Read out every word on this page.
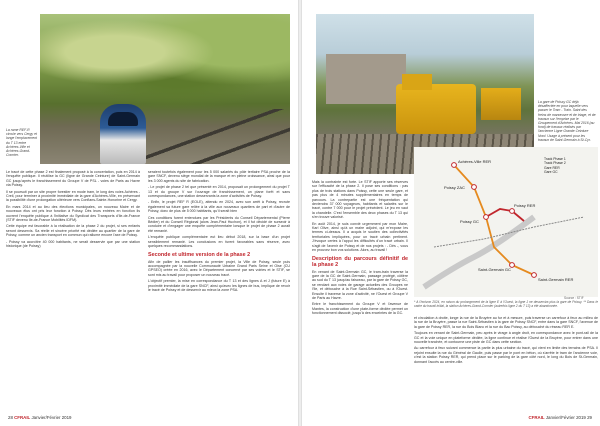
La rame REF-R circule vers Cergy et longe l'emplacement du T 13 entre Achères-Ville et Achères-Grand-Cormier.

Le tracé de cette phase 2 est finalement proposé à la concertation, puis en 2014 à l'enquête publique. Il réutilise la GC (ligne de Grande Ceinture) de Saint-Germain GC jusqu'après le franchissement du Groupe V de PSL - voies de Paris au Havre via Poissy.

Il se poursuit par un site propre forestier en mode tram, le long des voies Achères - Creil, pour terminer à proximité immédiate de la gare d'Achères-Ville, en préservant la possibilité d'une prolongation ultérieure vers Conflans-Sainte-Honorine et Cergy.

En mars 2014 et au lieu des élections municipales, un nouveau Maire et de nouveaux élus ont pris leur fonction à Poissy. Dès leurs entrées en fonction ils ouvrent l'enquête publique à l'initiative du Syndicat des Transports d'Ile-de-France (STIF devenu Ile-de-France Mobilités IDFM).

Cette équipe est favorable à la réalisation de la phase 2 du projet, si ses enfants seront desservis. Sa réelle et sincère priorité est dédiée au quartier de la gare de Poissy, comme un ancien transport en commun qui rallume encore l'axe de Poissy.

- Poissy va accroître 40 000 habitants, ne serait desservie que par une station historique (de Poissy)

seraient toutefois également pour les 5 000 salariés du pôle tertiaire PSA proche de la gare SNCF, devenu siège mondial de la marque et en pleine croissance, ainsi que pour les 3 000 agents du site de fabrication.

- Le projet de phase 2 tel que présenté en 2014, proposait un prolongement du projet T 13 et du groupe V sur l'ouvrage de franchissement, un plane forêt et sans correspondances, une station desservants la zone d'activités de Poissy.

- Enfin, le projet REF R (EOLE), attendu en 2024, avec son arrêt à Poissy, recrute également sa future gare reliée à la ville aux nouveaux quartiers de part et d'autre de Poissy, donc de plus de 5 000 habitants, qu'il serait bien

Ces conditions furent entendues par les Présidents du Conseil Départemental (Pierre Bédier) et du Conseil Régional (alors Jean-Paul Huchon), et il fut décidé de surseoir à conduire et d'engager une enquête complémentaire lorsque le projet de phase 2 aurait été remanié.

L'enquête publique complémentaire eut lieu début 2018, sur la base d'un projet sensiblement remanié. Les conclusions en furent favorables sans réserve, avec quelques recommandations.

Seconde et ultime version de la phase 2

Afin de pallier les insuffisances du premier projet, la Ville de Poissy, seule puis accompagnée par la nouvelle Communauté Urbaine Grand Paris Seine et Oise (CU GPSEO) créée en 2016, avec le Département concerné par ses voiries et le STIF, se sont mis au travail pour proposer un nouveau tracé.

L'objectif premier, la mise en correspondance du T 13 et des lignes A et J (future E) à proximité immédiate de la gare SNCF, ainsi qu'avec les lignes de bus, implique de revoir le tracé de Poissy et de desservir au mieux la zone PSA.

28 CFRAIL Janvier/Février 2019
La gare de Poissy GC déjà désaffectée en pour laquelle vers passer le Tram - Train. Saint des freins de manœuvre et de triage, et de travaux sur l'emprise par le Groupement d'Achères. Mai 2016 (au fond) de travaux réalisés par l'ancienne Ligne Grande Ceinture Nord. Usage à présent pour les travaux de Saint-Germain à St-Cyr.

Mais la contrainte est forte. Le STIF apporte ses réserves sur l'efficacité de la phase 2. Il pose ses conditions : pas plus de trois stations dans Poissy, cette une seule gare, et pas plus de 4 minutes supplémentaires en temps de parcours. La contrepartie est une fréquentation qui deviendra 37 000 voyageurs, habitants et salariés sur le tracé, contre 7 000 pour le projet précédent. Le jeu en vaut la chandelle. C'est l'ensemble des deux phases du T 13 qui s'en trouve valorisé.

En août 2014, je suis convié urgemment par mon Maire, Karl Olive, ainsi qu'à un maire adjoint, qui m'expose les termes ci-dessus. Il a acquis le soutien des collectivités territoriales impliquées, pour un tracé urbain pertinent. J'évoque certes à l'appui les difficultés d'un tracé urbain. Il s'agit de l'avenir de Poissy et de nos projets : - Dès -, vous en prouvez bon vos solutions. Alors, au travail !

Description du parcours définitif de la phase 2

En venant de Saint-Germain GC, le tram-train traverse la gare de la GC de Saint-Germain, passage protégé, côtière au sud du T 13 jusqu'au faisceau, par la gare de Poissy GC, se rendant aux voies de garage actuelles des Groupes ne l'île, et débouche à la Rue Saint-Sébastien, ou à l'Ouest. Ensuite il traverse la zone d'activité, ne l'Ouest et Groupe V de Paris au Havre.

Entre le franchissement du Groupe V et l'avenue de Mantes, la construction d'une plate-forme dédiée permet un fonctionnement dissocié, jusqu'à des enceintes de la GC.

Achères-Ville RER
Poissy ZAC
Poissy RER
Poissy GC
Saint-Germain GC
Saint-Germain RER
Track Phase 1
Track Phase 2
Gare RER
Gare GC
* A l'horizon 2024, en raison du prolongement de la ligne E à l'Ouest, la ligne J ne desservira plus la gare de Poissy. ** Dans le cadre du travail initial, la station Achères-Grand-Cormier (autrefois ligne 2 du T 13) a été abandonnée.
Source : STIF

et circulation à droite, longe la rue de la Bruyère au fur et à mesure, puis traverse un carrefour à feux au milieu de la rue de la Bruyère, passe la rue Saint-Sébastien à la gare de Poissy SNCF, entre dans la gare SNCF, l'avenue de la gare de Poissy RER, la rue du Bois Blanc et la rue du Bac Poissy, au débouché du réseau RER E.

Toujours en venant de Saint-Germain, peu après le virage à angle droit, en correspondance avec le pont-rail de la GC et la voie unique en plateforme dédiée, la ligne continue et réalise l'Ouest de la Bruyère, pour entrer dans une nouvelle tranchée, et contourne une piste de GC dans cette section.

Au carrefour à feux suivant commence la partie la plus urbaine du tracé, qui vient en limite des terrains de PSA. Il rejoint ensuite la rue du Général de Gaulle, puis passe par le pont en béton, où s'arrête le tram de l'ancienne voie, c'est la station Poissy RER, qui prend place sur le parking de la gare côté nord, le long du Bois de St-Germain, donnant l'accès au centre-ville.

CFRAIL Janvier/Février 2019 29
